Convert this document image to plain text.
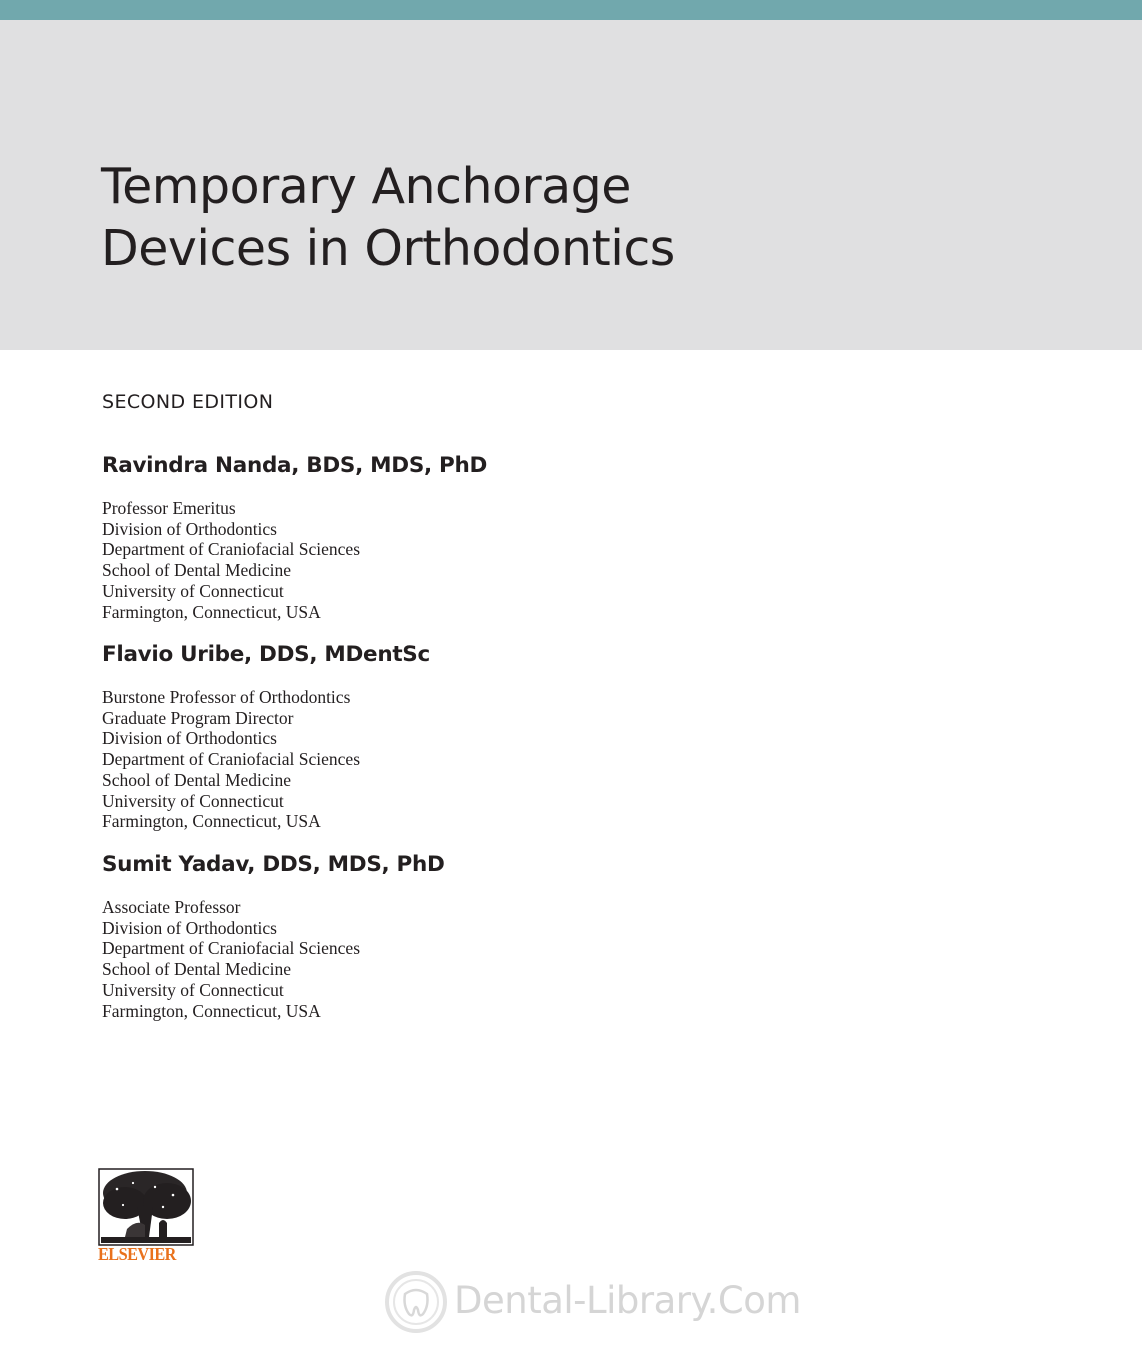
Temporary Anchorage
Devices in Orthodontics
SECOND EDITION
Ravindra Nanda, BDS, MDS, PhD
Professor Emeritus
Division of Orthodontics
Department of Craniofacial Sciences
School of Dental Medicine
University of Connecticut
Farmington, Connecticut, USA
Flavio Uribe, DDS, MDentSc
Burstone Professor of Orthodontics
Graduate Program Director
Division of Orthodontics
Department of Craniofacial Sciences
School of Dental Medicine
University of Connecticut
Farmington, Connecticut, USA
Sumit Yadav, DDS, MDS, PhD
Associate Professor
Division of Orthodontics
Department of Craniofacial Sciences
School of Dental Medicine
University of Connecticut
Farmington, Connecticut, USA
ELSEVIER
Dental-Library.Com
